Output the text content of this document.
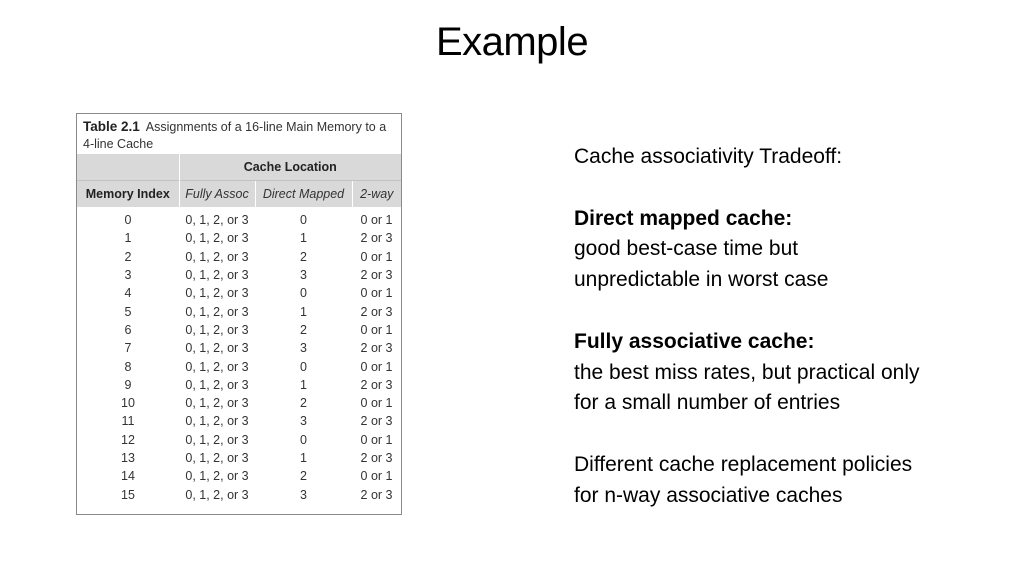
Example
Table 2.1 Assignments of a 16-line Main Memory to a 4-line Cache
	Cache Location		
Memory Index	Fully Assoc	Direct Mapped	2-way
0	0, 1, 2, or 3	0	0 or 1
1	0, 1, 2, or 3	1	2 or 3
2	0, 1, 2, or 3	2	0 or 1
3	0, 1, 2, or 3	3	2 or 3
4	0, 1, 2, or 3	0	0 or 1
5	0, 1, 2, or 3	1	2 or 3
6	0, 1, 2, or 3	2	0 or 1
7	0, 1, 2, or 3	3	2 or 3
8	0, 1, 2, or 3	0	0 or 1
9	0, 1, 2, or 3	1	2 or 3
10	0, 1, 2, or 3	2	0 or 1
11	0, 1, 2, or 3	3	2 or 3
12	0, 1, 2, or 3	0	0 or 1
13	0, 1, 2, or 3	1	2 or 3
14	0, 1, 2, or 3	2	0 or 1
15	0, 1, 2, or 3	3	2 or 3

Cache associativity Tradeoff:

Direct mapped cache:

good best-case time but

unpredictable in worst case

Fully associative cache:

the best miss rates, but practical only

for a small number of entries

Different cache replacement policies

for n-way associative caches
